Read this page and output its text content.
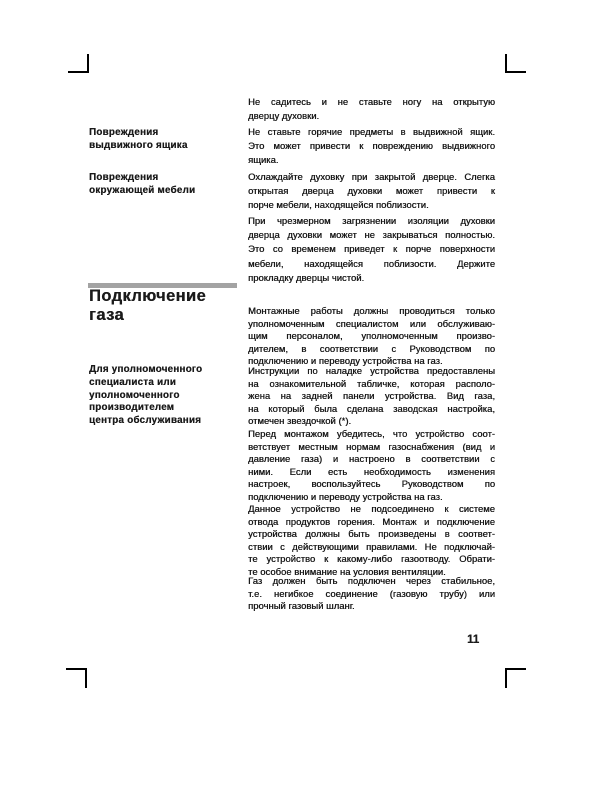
Повреждения
выдвижного ящика
Повреждения
окружающей мебели
Для уполномоченного
специалиста или
уполномоченного
производителем
центра обслуживания
Подключение
газа
Не садитесь и не ставьте ногу на открытую
дверцу духовки.
Не ставьте горячие предметы в выдвижной ящик.
Это может привести к повреждению выдвижного
ящика.
Охлаждайте духовку при закрытой дверце. Слегка
открытая дверца духовки может привести к
порче мебели, находящейся поблизости.
При чрезмерном загрязнении изоляции духовки
дверца духовки может не закрываться полностью.
Это со временем приведет к порче поверхности
мебели, находящейся поблизости. Держите
прокладку дверцы чистой.
Монтажные работы должны проводиться только
уполномоченным специалистом или обслуживаю-
щим персоналом, уполномоченным произво-
дителем, в соответствии с Руководством по
подключению и переводу устройства на газ.
Инструкции по наладке устройства предоставлены
на ознакомительной табличке, которая располо-
жена на задней панели устройства. Вид газа,
на который была сделана заводская настройка,
отмечен звездочкой (*).
Перед монтажом убедитесь, что устройство соот-
ветствует местным нормам газоснабжения (вид и
давление газа) и настроено в соответствии с
ними. Если есть необходимость изменения
настроек, воспользуйтесь Руководством по
подключению и переводу устройства на газ.
Данное устройство не подсоединено к системе
отвода продуктов горения. Монтаж и подключение
устройства должны быть произведены в соответ-
ствии с действующими правилами. Не подключай-
те устройство к какому-либо газоотводу. Обрати-
те особое внимание на условия вентиляции.
Газ должен быть подключен через стабильное,
т.е. негибкое соединение (газовую трубу) или
прочный газовый шланг.
11
